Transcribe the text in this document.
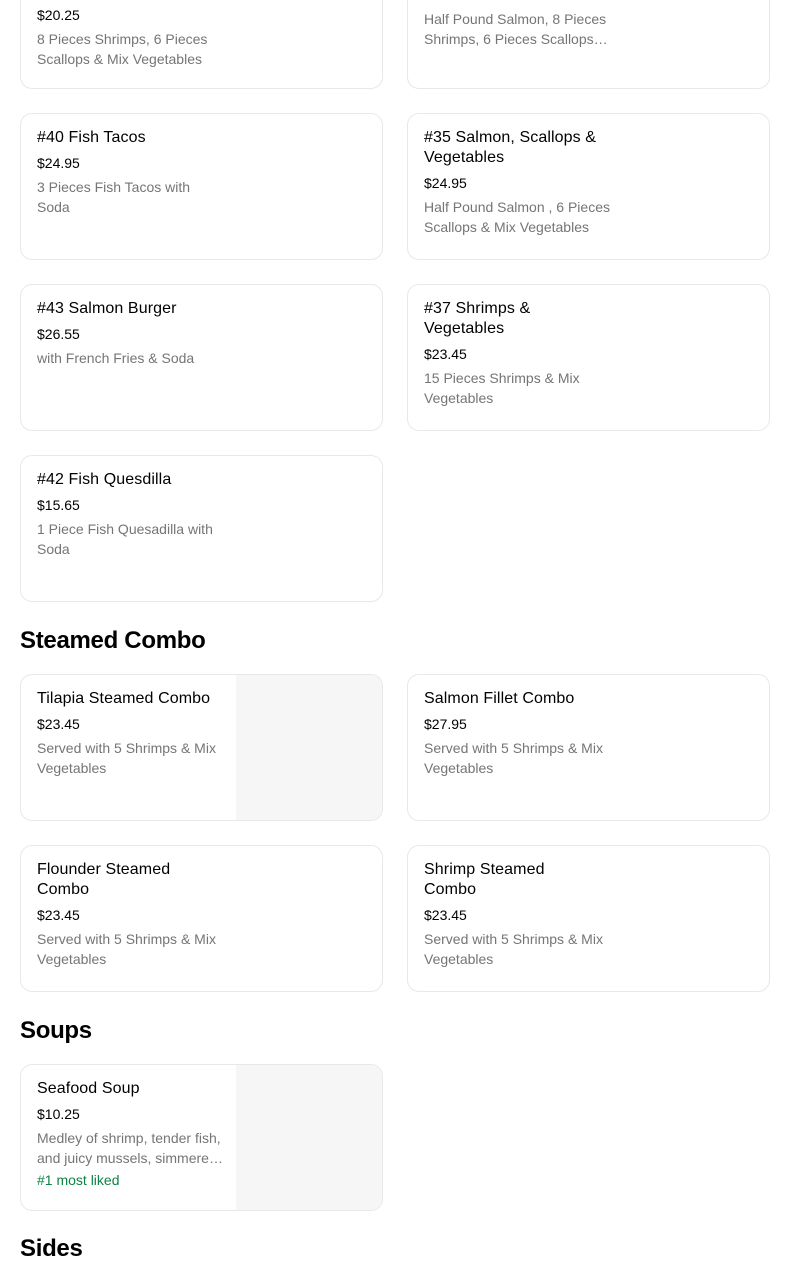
$20.25
8 Pieces Shrimps, 6 Pieces Scallops & Mix Vegetables
Half Pound Salmon, 8 Pieces Shrimps, 6 Pieces Scallops &
#40 Fish Tacos
$24.95
3 Pieces Fish Tacos with Soda
#35 Salmon, Scallops & Vegetables
$24.95
Half Pound Salmon , 6 Pieces Scallops & Mix Vegetables
#43 Salmon Burger
$26.55
with French Fries & Soda
#37 Shrimps & Vegetables
$23.45
15 Pieces Shrimps & Mix Vegetables
#42 Fish Quesdilla
$15.65
1 Piece Fish Quesadilla with Soda
Steamed Combo
Tilapia Steamed Combo
$23.45
Served with 5 Shrimps & Mix Vegetables
Salmon Fillet Combo
$27.95
Served with 5 Shrimps & Mix Vegetables
Flounder Steamed Combo
$23.45
Served with 5 Shrimps & Mix Vegetables
Shrimp Steamed Combo
$23.45
Served with 5 Shrimps & Mix Vegetables
Soups
Seafood Soup
$10.25
Medley of shrimp, tender fish, and juicy mussels, simmered
#1 most liked
Sides
